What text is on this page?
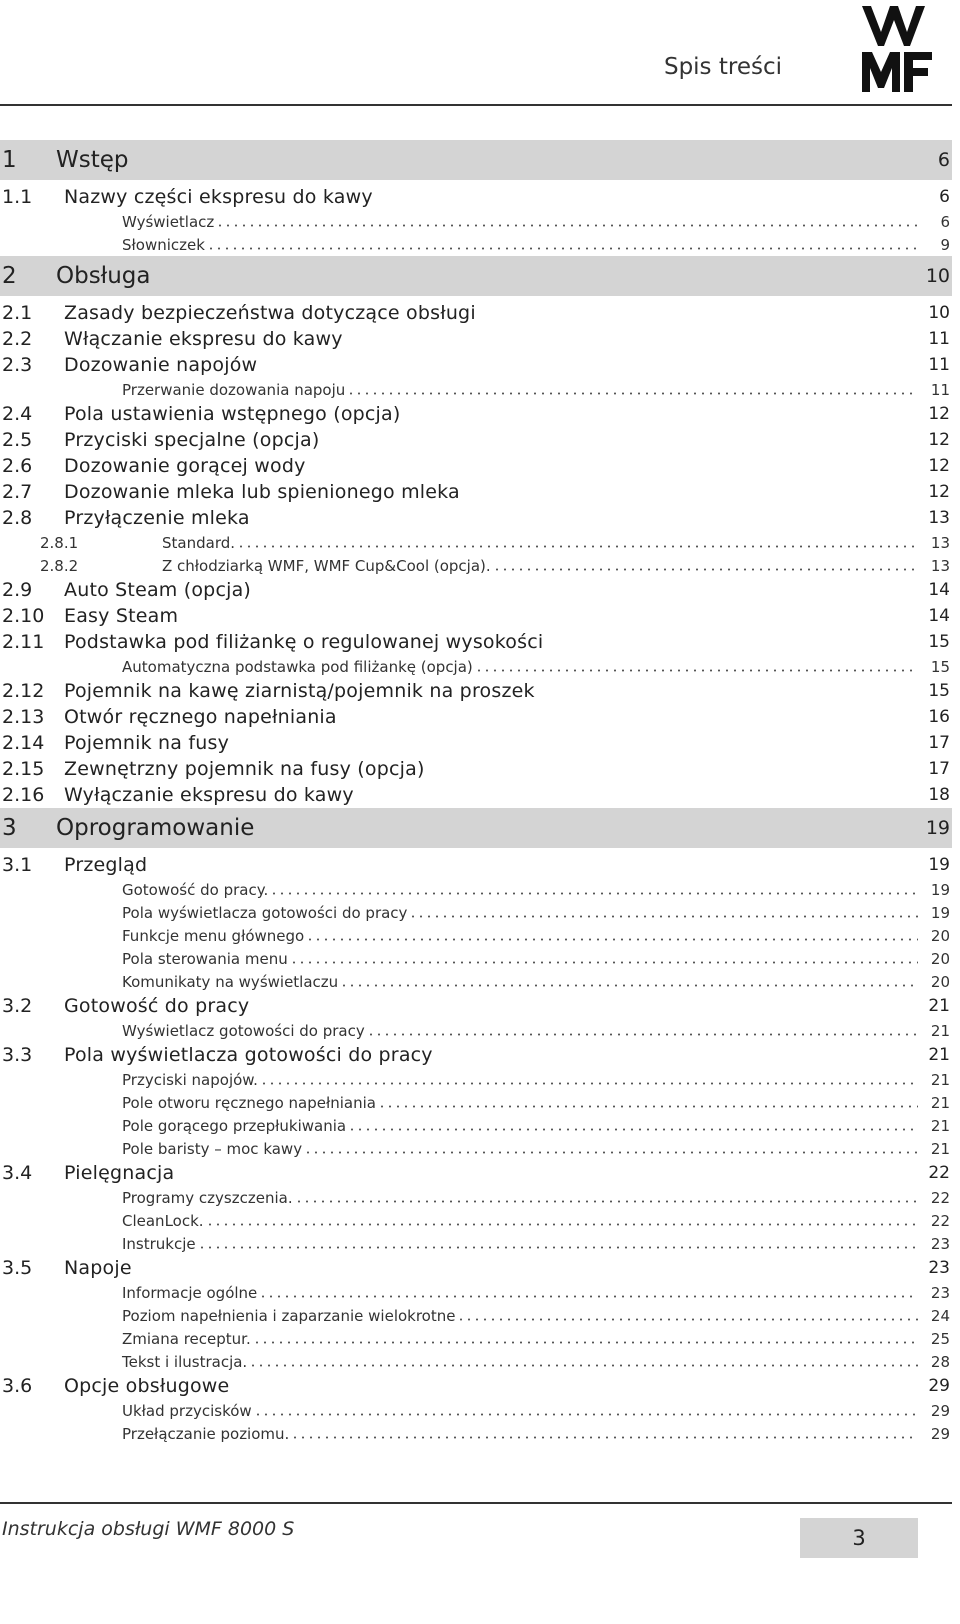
Spis treści
1	Wstęp	6
1.1	Nazwy części ekspresu do kawy	6
Wyświetlacz	6
Słowniczek	9
2	Obsługa	10
2.1	Zasady bezpieczeństwa dotyczące obsługi	10
2.2	Włączanie ekspresu do kawy	11
2.3	Dozowanie napojów	11
Przerwanie dozowania napoju	11
2.4	Pola ustawienia wstępnego (opcja)	12
2.5	Przyciski specjalne (opcja)	12
2.6	Dozowanie gorącej wody	12
2.7	Dozowanie mleka lub spienionego mleka	12
2.8	Przyłączenie mleka	13
2.8.1	Standard.	13
2.8.2	Z chłodziarką WMF, WMF Cup&Cool (opcja).	13
2.9	Auto Steam (opcja)	14
2.10	Easy Steam	14
2.11	Podstawka pod filiżankę o regulowanej wysokości	15
Automatyczna podstawka pod filiżankę (opcja)	15
2.12	Pojemnik na kawę ziarnistą/pojemnik na proszek	15
2.13	Otwór ręcznego napełniania	16
2.14	Pojemnik na fusy	17
2.15	Zewnętrzny pojemnik na fusy (opcja)	17
2.16	Wyłączanie ekspresu do kawy	18
3	Oprogramowanie	19
3.1	Przegląd	19
Gotowość do pracy.	19
Pola wyświetlacza gotowości do pracy	19
Funkcje menu głównego	20
Pola sterowania menu	20
Komunikaty na wyświetlaczu	20
3.2	Gotowość do pracy	21
Wyświetlacz gotowości do pracy	21
3.3	Pola wyświetlacza gotowości do pracy	21
Przyciski napojów.	21
Pole otworu ręcznego napełniania	21
Pole gorącego przepłukiwania	21
Pole baristy – moc kawy	21
3.4	Pielęgnacja	22
Programy czyszczenia.	22
CleanLock.	22
Instrukcje	23
3.5	Napoje	23
Informacje ogólne	23
Poziom napełnienia i zaparzanie wielokrotne	24
Zmiana receptur.	25
Tekst i ilustracja.	28
3.6	Opcje obsługowe	29
Układ przycisków	29
Przełączanie poziomu.	29
Instrukcja obsługi WMF 8000 S	3
